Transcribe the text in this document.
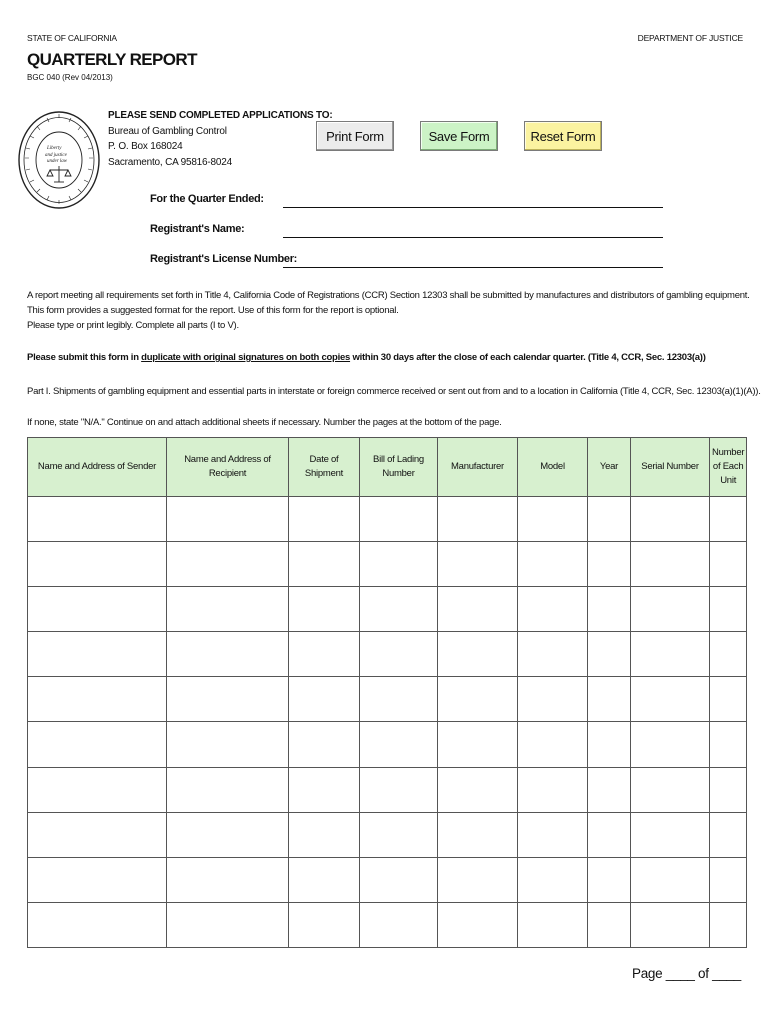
STATE OF CALIFORNIA	DEPARTMENT OF JUSTICE
QUARTERLY REPORT
BGC 040 (Rev 04/2013)
Liberty
and justice
under law
PLEASE SEND COMPLETED APPLICATIONS TO:
Bureau of Gambling Control
P. O. Box 168024
Sacramento, CA 95816-8024
Print Form	Save Form	Reset Form
For the Quarter Ended:
Registrant's Name:
Registrant's License Number:
A report meeting all requirements set forth in Title 4, California Code of Registrations (CCR) Section 12303 shall be submitted by manufactures and distributors of gambling equipment.
This form provides a suggested format for the report. Use of this form for the report is optional.
Please type or print legibly. Complete all parts (I to V).
Please submit this form in duplicate with original signatures on both copies within 30 days after the close of each calendar quarter. (Title 4, CCR, Sec. 12303(a))
Part I. Shipments of gambling equipment and essential parts in interstate or foreign commerce received or sent out from and to a location in California (Title 4, CCR, Sec. 12303(a)(1)(A)).
If none, state "N/A." Continue on and attach additional sheets if necessary. Number the pages at the bottom of the page.
Name and Address of Sender	Name and Address of Recipient	Date of Shipment	Bill of Lading Number	Manufacturer	Model	Year	Serial Number	Number of Each Unit

Page ____ of ____
